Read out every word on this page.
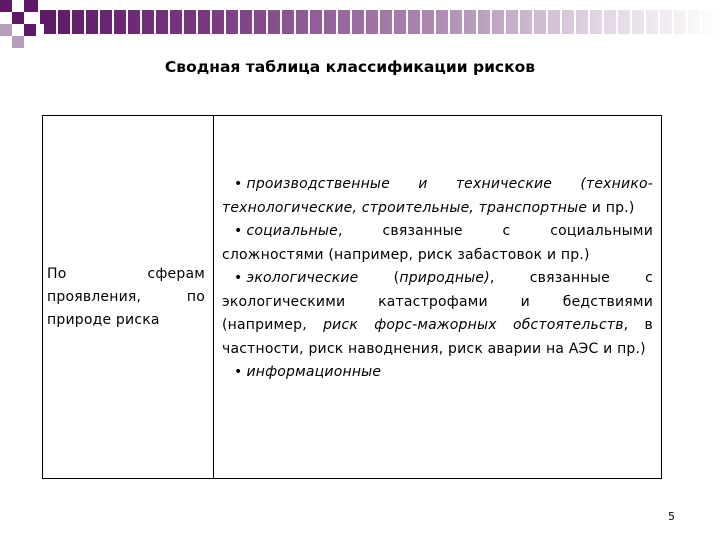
Сводная таблица классификации рисков

По сферам проявления, по природе риска

• производственные и технические (технико-технологические, строительные, транспортные и пр.)

• социальные, связанные с социальными сложностями (например, риск забастовок и пр.)

• экологические (природные), связанные с экологическими катастрофами и бедствиями (например, риск форс-мажорных обстоятельств, в частности, риск наводнения, риск аварии на АЭС и пр.)

• информационные

5
